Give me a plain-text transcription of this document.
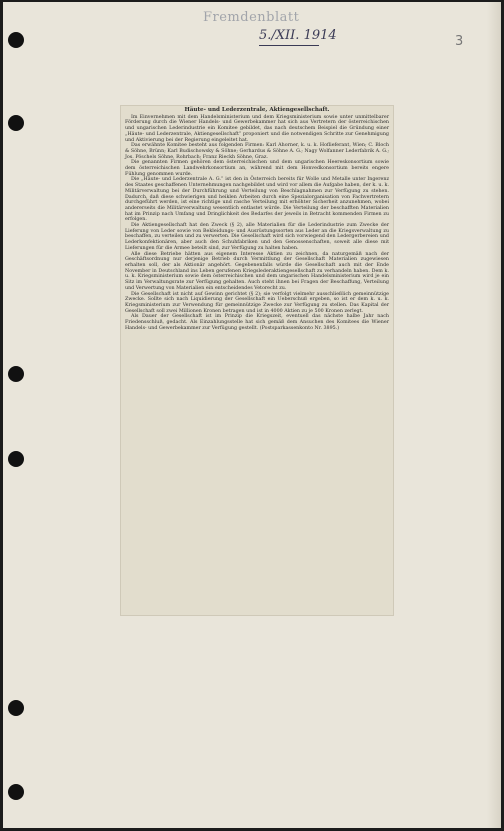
Fremdenblatt
5./XII. 1914	3
Häute- und Lederzentrale, Aktiengesellschaft.

Im Einvernehmen mit dem Handelsministerium und dem Kriegsministerium sowie unter unmittelbarer Förderung durch die Wiener Handels- und Gewerbekammer hat sich aus Vertretern der österreichischen und ungarischen Lederindustrie ein Komitee gebildet, das nach deutschem Beispiel die Gründung einer „Häute- und Lederzentrale, Aktiengesellschaft“ proponiert und die notwendigen Schritte zur Genehmigung und Aktivierung bei der Regierung eingeleitet hat.

Das erwähnte Komitee besteht aus folgenden Firmen: Karl Ahorner, k. u. k. Hoflieferant, Wien; C. Bloch & Söhne, Brünn; Karl Budischowsky & Söhne; Gerhardus & Söhne A. G.; Nagy Wolfanner Lederfabrik A. G.; Jos. Pöschels Söhne, Rohrbach; Franz Rieckh Söhne, Graz.

Die genannten Firmen gehören dem österreichischen und dem ungarischen Heereskonsortium sowie dem österreichischen Landwehrkonsortium an, während mit dem Honvedkonsortium bereits engere Fühlung genommen wurde.

Die „Häute- und Lederzentrale A. G.“ ist den in Österreich bereits für Wolle und Metalle unter Ingerenz des Staates geschaffenen Unternehmungen nachgebildet und wird vor allem die Aufgabe haben, der k. u. k. Militärverwaltung bei der Durchführung und Verteilung von Beschlagnahmen zur Verfügung zu stehen. Dadurch, daß diese schwierigen und heiklen Arbeiten durch eine Spezialorganisation von Fachvertretern durchgeführt werden, ist eine richtige und rasche Verteilung mit erhöhter Sicherheit anzunehmen, wobei andererseits die Militärverwaltung wesentlich entlastet würde. Die Verteilung der beschafften Materialien hat im Prinzip nach Umfang und Dringlichkeit des Bedarfes der jeweils in Betracht kommenden Firmen zu erfolgen.

Die Aktiengesellschaft hat den Zweck (§ 2), alle Materialien für die Lederindustrie zum Zwecke der Lieferung von Leder sowie von Bekleidungs- und Ausrüstungssorten aus Leder an die Kriegsverwaltung zu beschaffen, zu verteilen und zu verwerten. Die Gesellschaft wird sich vorwiegend den Ledergerbereien und Lederkonfektionären, aber auch den Schuhfabriken und den Genossenschaften, soweit alle diese mit Lieferungen für die Armee beteilt sind, zur Verfügung zu halten haben.

Alle diese Betriebe hätten aus eigenem Interesse Aktien zu zeichnen, da naturgemäß nach der Geschäftsordnung nur derjenige Betrieb durch Vermittlung der Gesellschaft Materialien zugewiesen erhalten soll, der als Aktionär angehört. Gegebenenfalls würde die Gesellschaft auch mit der Ende November in Deutschland ins Leben gerufenen Kriegslederaktiengesellschaft zu verhandeln haben. Dem k. u. k. Kriegsministerium sowie dem österreichischen und dem ungarischen Handelsministerium wird je ein Sitz im Verwaltungsrate zur Verfügung gehalten. Auch steht ihnen bei Fragen der Beschaffung, Verteilung und Verwertung von Materialien ein entscheidendes Vetorecht zu.

Die Gesellschaft ist nicht auf Gewinn gerichtet (§ 2); sie verfolgt vielmehr ausschließlich gemeinnützige Zwecke. Sollte sich nach Liquidierung der Gesellschaft ein Ueberschuß ergeben, so ist er dem k. u. k. Kriegsministerium zur Verwendung für gemeinnützige Zwecke zur Verfügung zu stellen. Das Kapital der Gesellschaft soll zwei Millionen Kronen betragen und ist in 4000 Aktien zu je 500 Kronen zerlegt.

Als Dauer der Gesellschaft ist im Prinzip die Kriegszeit, eventuell das nächste halbe Jahr nach Friedensschluß, gedacht. Als Einzahlungsstelle hat sich gemäß dem Ansuchen des Komitees die Wiener Handels- und Gewerbekammer zur Verfügung gestellt. (Postsparkassenkonto Nr. 3895.)
